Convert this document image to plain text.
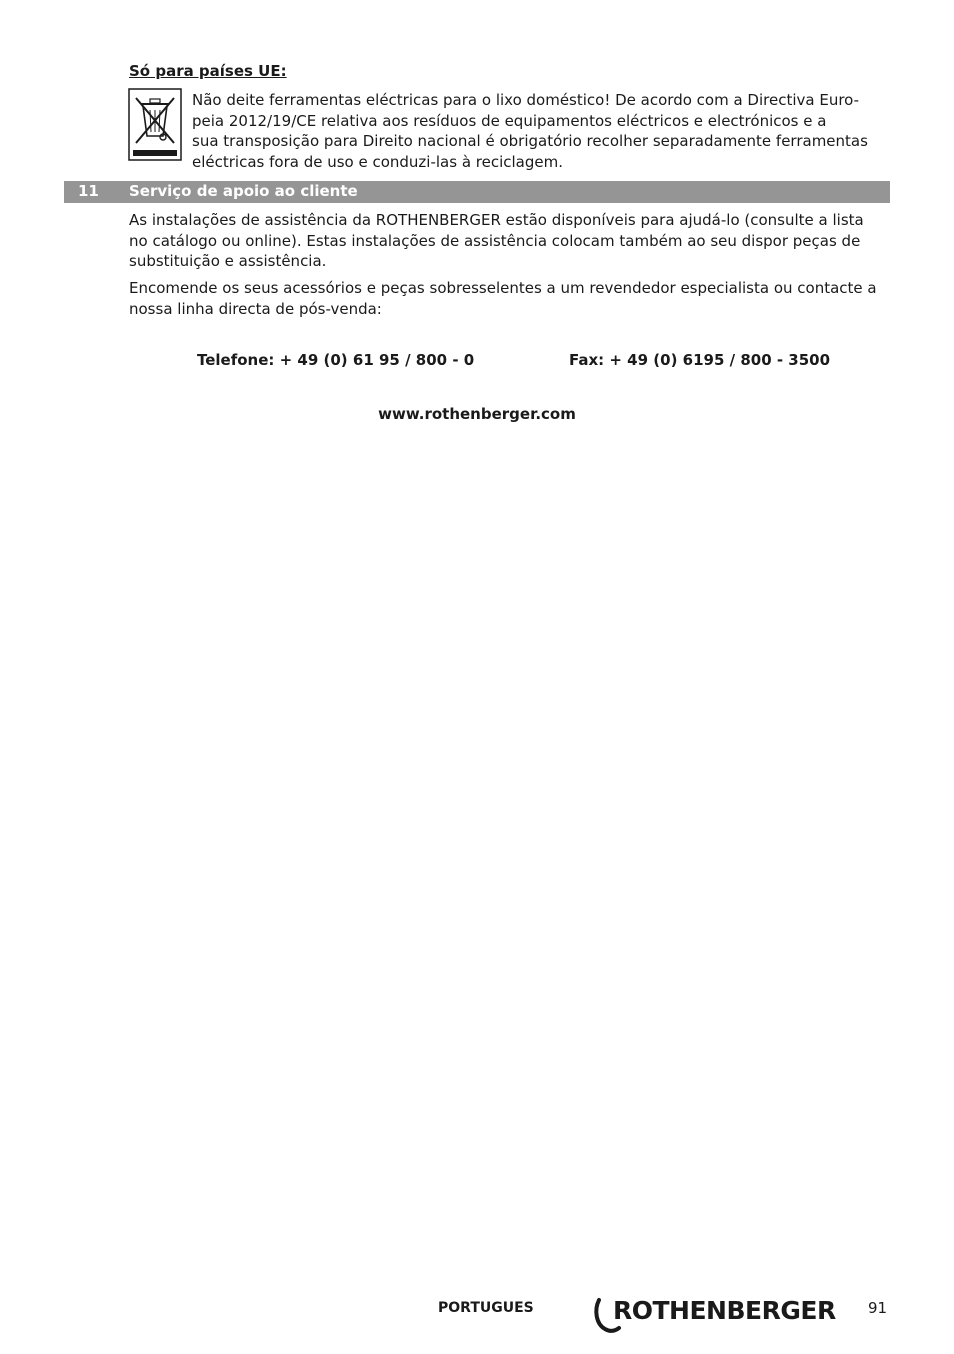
Só para países UE:

Não deite ferramentas eléctricas para o lixo doméstico! De acordo com a Directiva Euro-
peia 2012/19/CE relativa aos resíduos de equipamentos eléctricos e electrónicos e a
sua transposição para Direito nacional é obrigatório recolher separadamente ferramentas
eléctricas fora de uso e conduzi-las à reciclagem.
11 Serviço de apoio ao cliente
As instalações de assistência da ROTHENBERGER estão disponíveis para ajudá-lo (consulte a lista
no catálogo ou online). Estas instalações de assistência colocam também ao seu dispor peças de
substituição e assistência.
Encomende os seus acessórios e peças sobresselentes a um revendedor especialista ou contacte a
nossa linha directa de pós-venda:

Telefone: + 49 (0) 61 95 / 800 - 0	Fax: + 49 (0) 6195 / 800 - 3500

www.rothenberger.com

PORTUGUES	ROTHENBERGER 91
